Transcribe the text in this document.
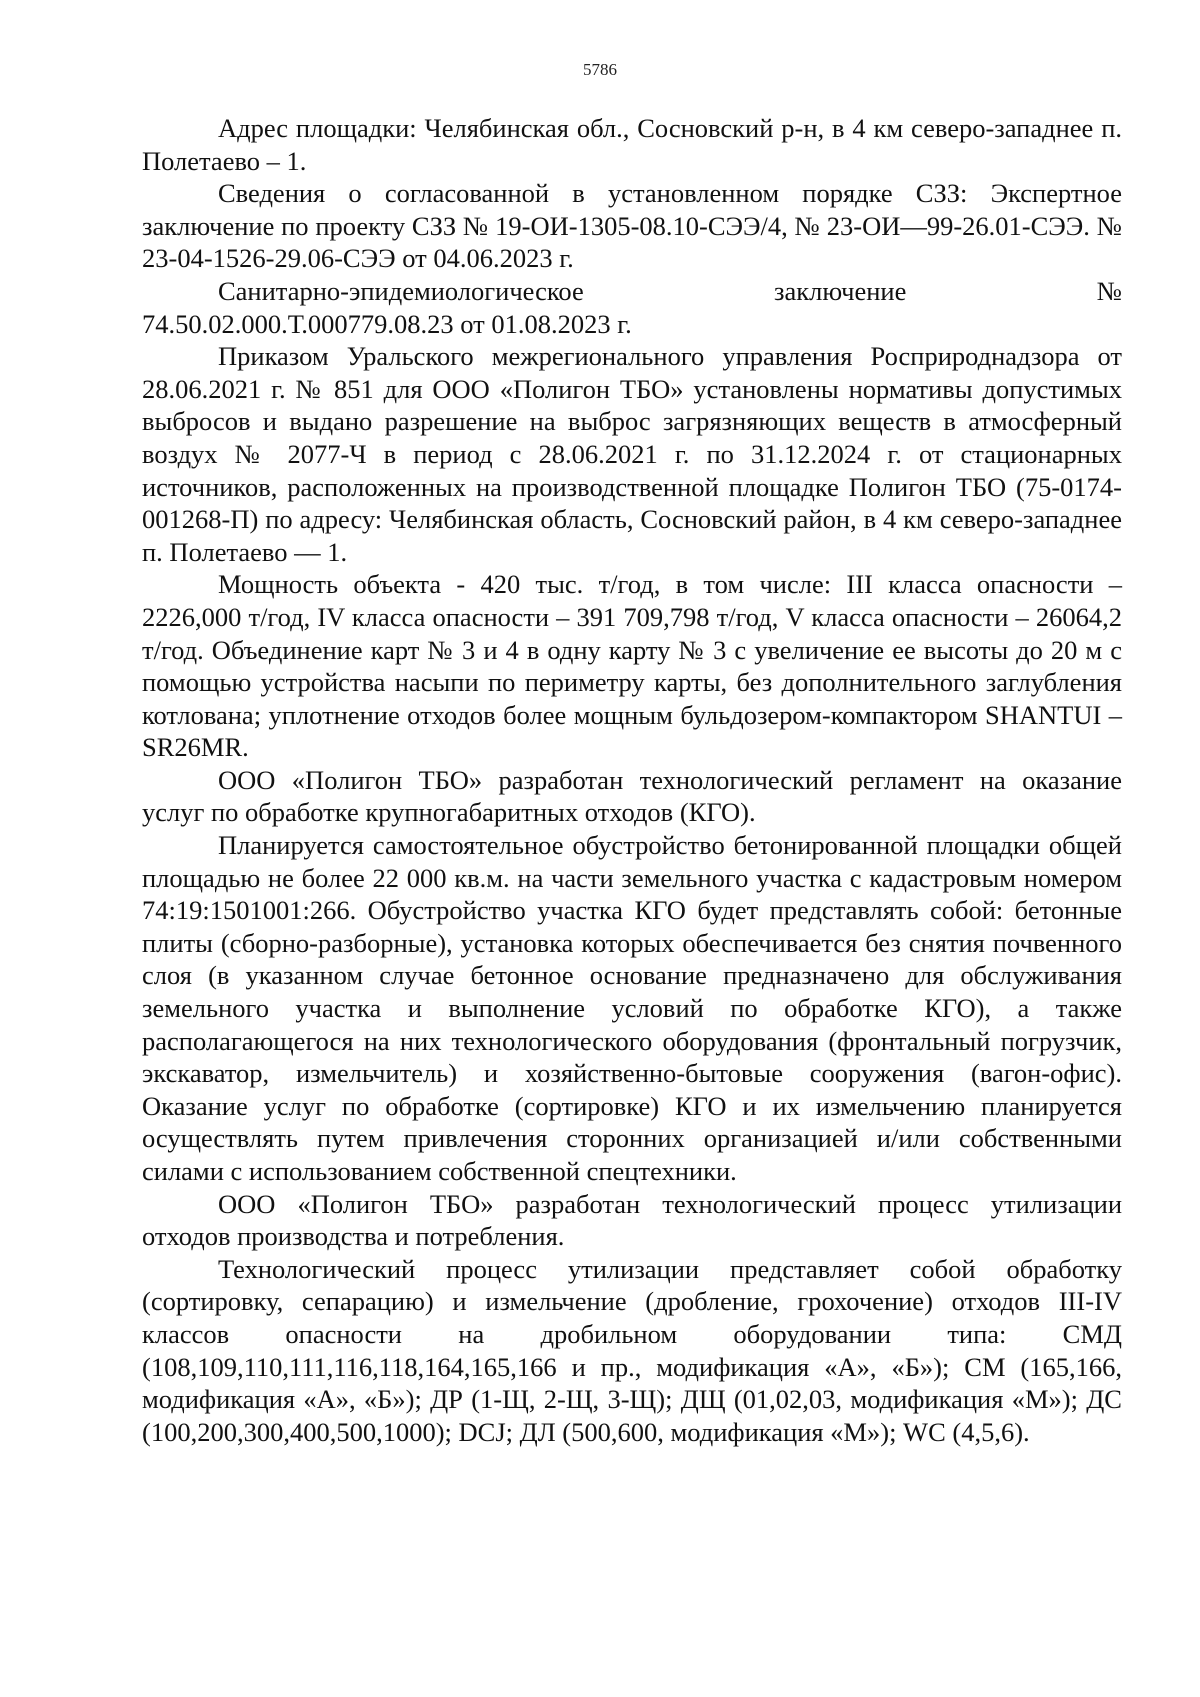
5786

Адрес площадки: Челябинская обл., Сосновский р-н, в 4 км северо-западнее п. Полетаево – 1.

Сведения о согласованной в установленном порядке СЗЗ: Экспертное заключение по проекту СЗЗ № 19-ОИ-1305-08.10-СЭЭ/4, № 23-ОИ—99-26.01-СЭЭ. № 23-04-1526-29.06-СЭЭ от 04.06.2023 г.

Санитарно-эпидемиологическое	заключение	№
74.50.02.000.Т.000779.08.23 от 01.08.2023 г.

Приказом Уральского межрегионального управления Росприроднадзора от 28.06.2021 г. № 851 для ООО «Полигон ТБО» установлены нормативы допустимых выбросов и выдано разрешение на выброс загрязняющих веществ в атмосферный воздух № 2077-Ч в период с 28.06.2021 г. по 31.12.2024 г. от стационарных источников, расположенных на производственной площадке Полигон ТБО (75-0174-001268-П) по адресу: Челябинская область, Сосновский район, в 4 км северо-западнее п. Полетаево — 1.

Мощность объекта - 420 тыс. т/год, в том числе: III класса опасности – 2226,000 т/год, IV класса опасности – 391 709,798 т/год, V класса опасности – 26064,2 т/год. Объединение карт № 3 и 4 в одну карту № 3 с увеличение ее высоты до 20 м с помощью устройства насыпи по периметру карты, без дополнительного заглубления котлована; уплотнение отходов более мощным бульдозером-компактором SHANTUI – SR26MR.

ООО «Полигон ТБО» разработан технологический регламент на оказание услуг по обработке крупногабаритных отходов (КГО).

Планируется самостоятельное обустройство бетонированной площадки общей площадью не более 22 000 кв.м. на части земельного участка с кадастровым номером 74:19:1501001:266. Обустройство участка КГО будет представлять собой: бетонные плиты (сборно-разборные), установка которых обеспечивается без снятия почвенного слоя (в указанном случае бетонное основание предназначено для обслуживания земельного участка и выполнение условий по обработке КГО), а также располагающегося на них технологического оборудования (фронтальный погрузчик, экскаватор, измельчитель) и хозяйственно-бытовые сооружения (вагон-офис). Оказание услуг по обработке (сортировке) КГО и их измельчению планируется осуществлять путем привлечения сторонних организацией и/или собственными силами с использованием собственной спецтехники.

ООО «Полигон ТБО» разработан технологический процесс утилизации отходов производства и потребления.

Технологический процесс утилизации представляет собой обработку (сортировку, сепарацию) и измельчение (дробление, грохочение) отходов III-IV классов опасности на дробильном оборудовании типа: СМД (108,109,110,111,116,118,164,165,166 и пр., модификация «А», «Б»); СМ (165,166, модификация «А», «Б»); ДР (1-Щ, 2-Щ, 3-Щ); ДЩ (01,02,03, модификация «М»); ДС (100,200,300,400,500,1000); DCJ; ДЛ (500,600, модификация «М»); WC (4,5,6).
